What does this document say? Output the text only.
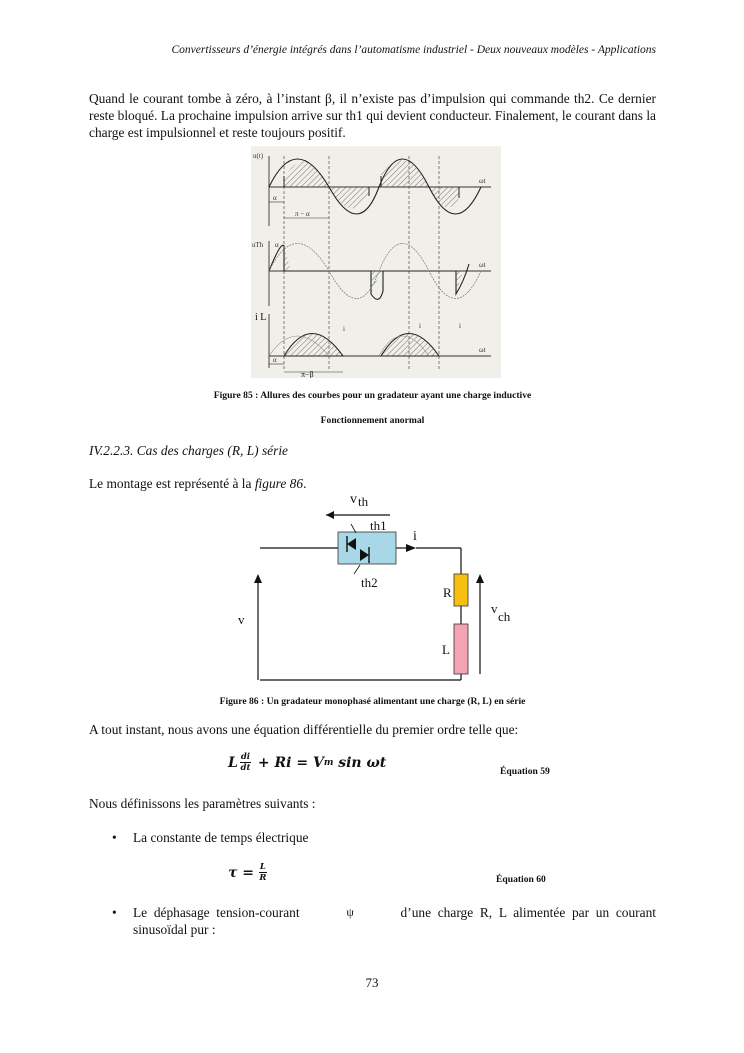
Convertisseurs d’énergie intégrés dans l’automatisme industriel - Deux nouveaux modèles - Applications
Quand le courant tombe à zéro, à l’instant β, il n’existe pas d’impulsion qui commande th2. Ce dernier reste bloqué. La prochaine impulsion arrive sur th1 qui devient conducteur. Finalement, le courant dans la charge est impulsionnel et reste toujours positif.
u(t)
ωt
α
π − α
uTh α
ωt
i	i	i
ωt
α
i L
π−β
Figure 85 : Allures des courbes pour un gradateur ayant une charge inductive
Fonctionnement anormal
IV.2.2.3. Cas des charges (R, L) série
Le montage est représenté à la figure 86.
v th
th1
th2
i
R
L
v
v
ch
Figure 86 : Un gradateur monophasé alimentant une charge (R, L) en série
A tout instant, nous avons une équation différentielle du premier ordre telle que:
L di
dt + Ri = V m sin ωt
Équation 59
Nous définissons les paramètres suivants :
• La constante de temps électrique
$\tau = \frac{L}{R}$	Équation 60
• Le  déphasage  tension-courant	ψ	d’une  charge  R,  L  alimentée  par  un  courant
sinusoïdal pur :
73
